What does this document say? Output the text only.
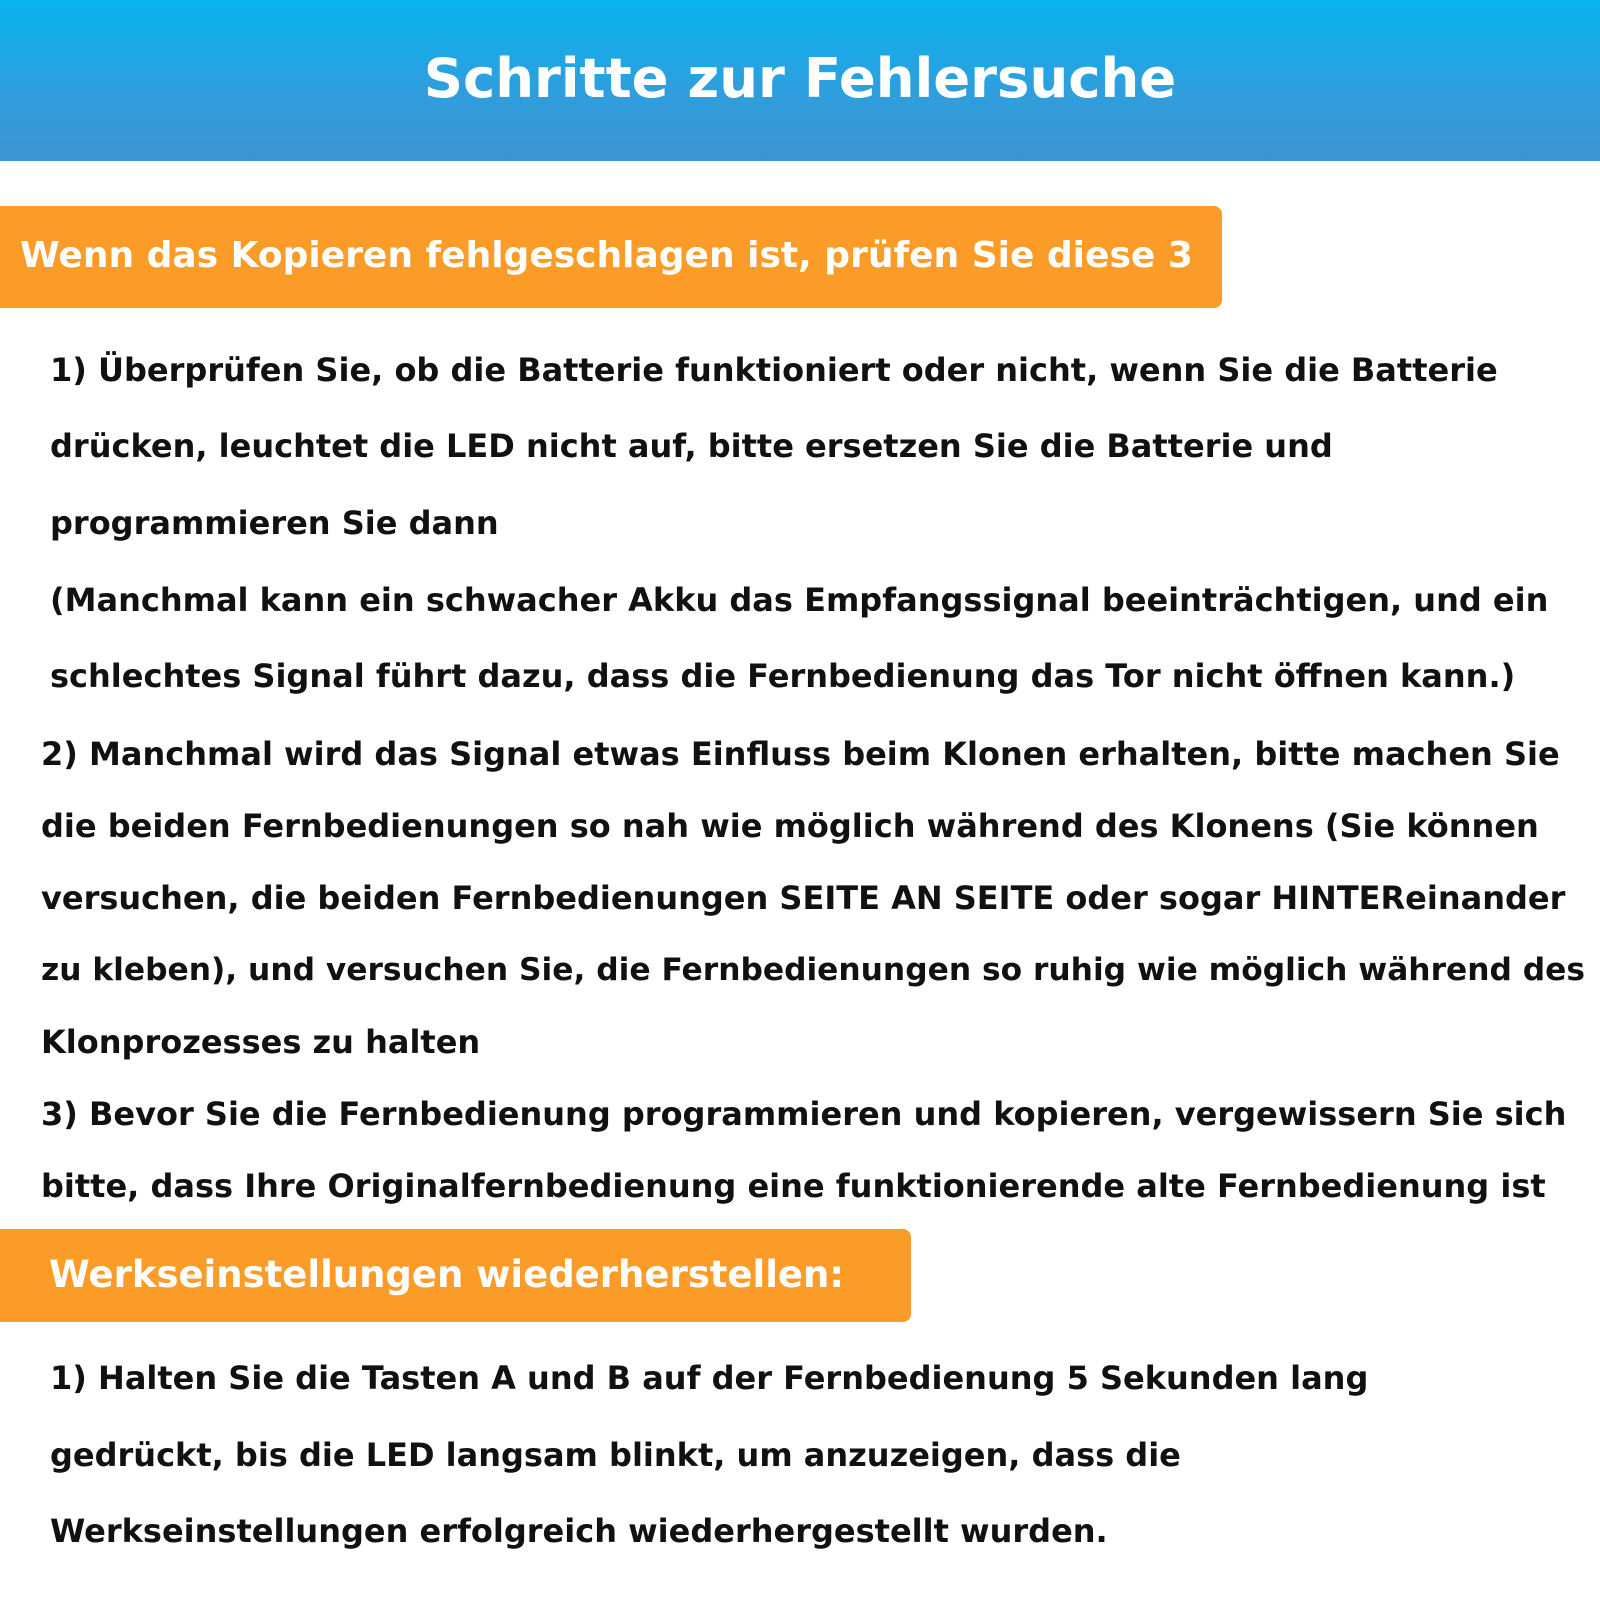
Schritte zur Fehlersuche
Wenn das Kopieren fehlgeschlagen ist, prüfen Sie diese 3
1) Überprüfen Sie, ob die Batterie funktioniert oder nicht, wenn Sie die Batterie
drücken, leuchtet die LED nicht auf, bitte ersetzen Sie die Batterie und
programmieren Sie dann
(Manchmal kann ein schwacher Akku das Empfangssignal beeinträchtigen, und ein
schlechtes Signal führt dazu, dass die Fernbedienung das Tor nicht öffnen kann.)
2) Manchmal wird das Signal etwas Einfluss beim Klonen erhalten, bitte machen Sie
die beiden Fernbedienungen so nah wie möglich während des Klonens (Sie können
versuchen, die beiden Fernbedienungen SEITE AN SEITE oder sogar HINTEReinander
zu kleben), und versuchen Sie, die Fernbedienungen so ruhig wie möglich während des
Klonprozesses zu halten
3) Bevor Sie die Fernbedienung programmieren und kopieren, vergewissern Sie sich
bitte, dass Ihre Originalfernbedienung eine funktionierende alte Fernbedienung ist
Werkseinstellungen wiederherstellen:
1) Halten Sie die Tasten A und B auf der Fernbedienung 5 Sekunden lang
gedrückt, bis die LED langsam blinkt, um anzuzeigen, dass die
Werkseinstellungen erfolgreich wiederhergestellt wurden.
